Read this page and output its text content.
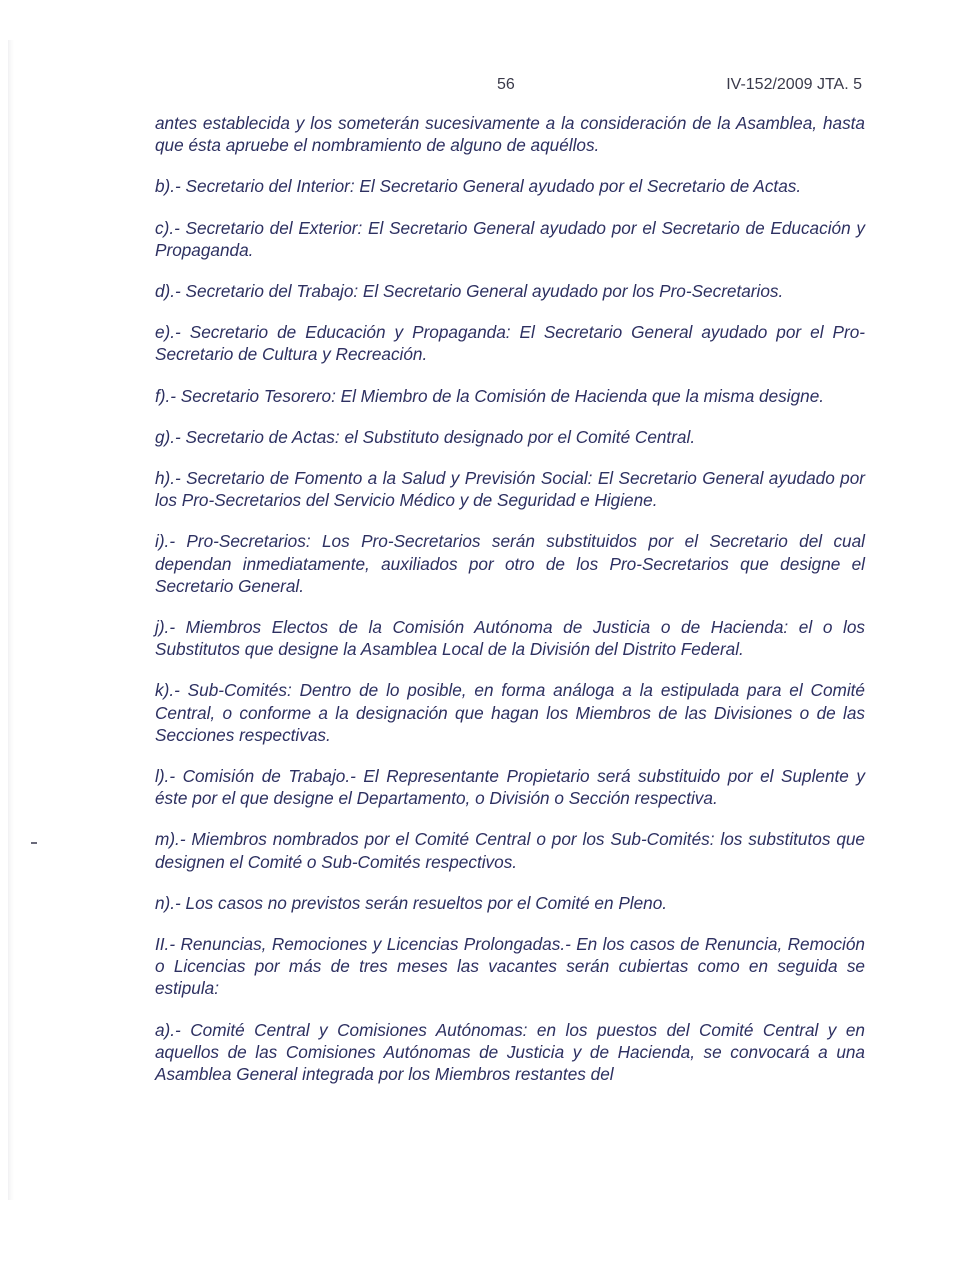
56	IV-152/2009 JTA. 5

antes establecida y los someterán sucesivamente a la consideración de la Asamblea, hasta que ésta apruebe el nombramiento de alguno de aquéllos.

b).- Secretario del Interior: El Secretario General ayudado por el Secretario de Actas.

c).- Secretario del Exterior: El Secretario General ayudado por el Secretario de Educación y Propaganda.

d).- Secretario del Trabajo: El Secretario General ayudado por los Pro-Secretarios.

e).- Secretario de Educación y Propaganda: El Secretario General ayudado por el Pro-Secretario de Cultura y Recreación.

f).- Secretario Tesorero: El Miembro de la Comisión de Hacienda que la misma designe.

g).- Secretario de Actas: el Substituto designado por el Comité Central.

h).- Secretario de Fomento a la Salud y Previsión Social: El Secretario General ayudado por los Pro-Secretarios del Servicio Médico y de Seguridad e Higiene.

i).- Pro-Secretarios: Los Pro-Secretarios serán substituidos por el Secretario del cual dependan inmediatamente, auxiliados por otro de los Pro-Secretarios que designe el Secretario General.

j).- Miembros Electos de la Comisión Autónoma de Justicia o de Hacienda: el o los Substitutos que designe la Asamblea Local de la División del Distrito Federal.

k).- Sub-Comités: Dentro de lo posible, en forma análoga a la estipulada para el Comité Central, o conforme a la designación que hagan los Miembros de las Divisiones o de las Secciones respectivas.

l).- Comisión de Trabajo.- El Representante Propietario será substituido por el Suplente y éste por el que designe el Departamento, o División o Sección respectiva.

m).- Miembros nombrados por el Comité Central o por los Sub-Comités: los substitutos que designen el Comité o Sub-Comités respectivos.

n).- Los casos no previstos serán resueltos por el Comité en Pleno.

II.- Renuncias, Remociones y Licencias Prolongadas.- En los casos de Renuncia, Remoción o Licencias por más de tres meses las vacantes serán cubiertas como en seguida se estipula:

a).- Comité Central y Comisiones Autónomas: en los puestos del Comité Central y en aquellos de las Comisiones Autónomas de Justicia y de Hacienda, se convocará a una Asamblea General integrada por los Miembros restantes del
